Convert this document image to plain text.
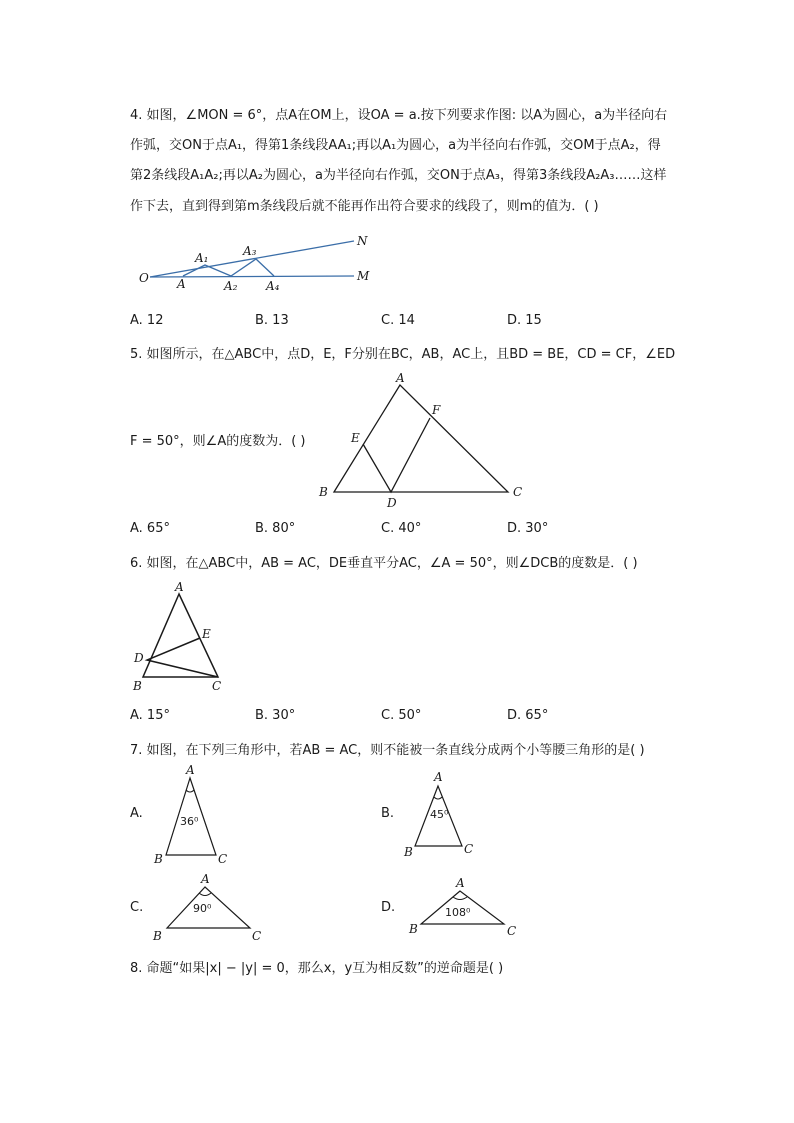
4. 如图，∠MON = 6°，点A在OM上，设OA = a.按下列要求作图: 以A为圆心，a为半径向右
作弧，交ON于点A₁，得第1条线段AA₁;再以A₁为圆心，a为半径向右作弧，交OM于点A₂，得
第2条线段A₁A₂;再以A₂为圆心，a为半径向右作弧，交ON于点A₃，得第3条线段A₂A₃……这样
作下去，直到得到第m条线段后就不能再作出符合要求的线段了，则m的值为．( )
O
N
M
A
A₁
A₂
A₃
A₄
A. 12	B. 13	C. 14	D. 15
5. 如图所示，在△ABC中，点D，E，F分别在BC，AB，AC上，且BD = BE，CD = CF，∠ED
F = 50°，则∠A的度数为．( )
A
B	C
D
E
F
A. 65°	B. 80°	C. 40°	D. 30°
6. 如图，在△ABC中，AB = AC，DE垂直平分AC，∠A = 50°，则∠DCB的度数是．( )
A
B	C
D
E
A. 15°	B. 30°	C. 50°	D. 65°
7. 如图，在下列三角形中，若AB = AC，则不能被一条直线分成两个小等腰三角形的是( )
A.	B.
C.	D.
A
B	C
36⁰
A
B	C
45⁰
A
B	C
90⁰
A
B	C
108⁰
8. 命题“如果|x| − |y| = 0，那么x，y互为相反数”的逆命题是( )
